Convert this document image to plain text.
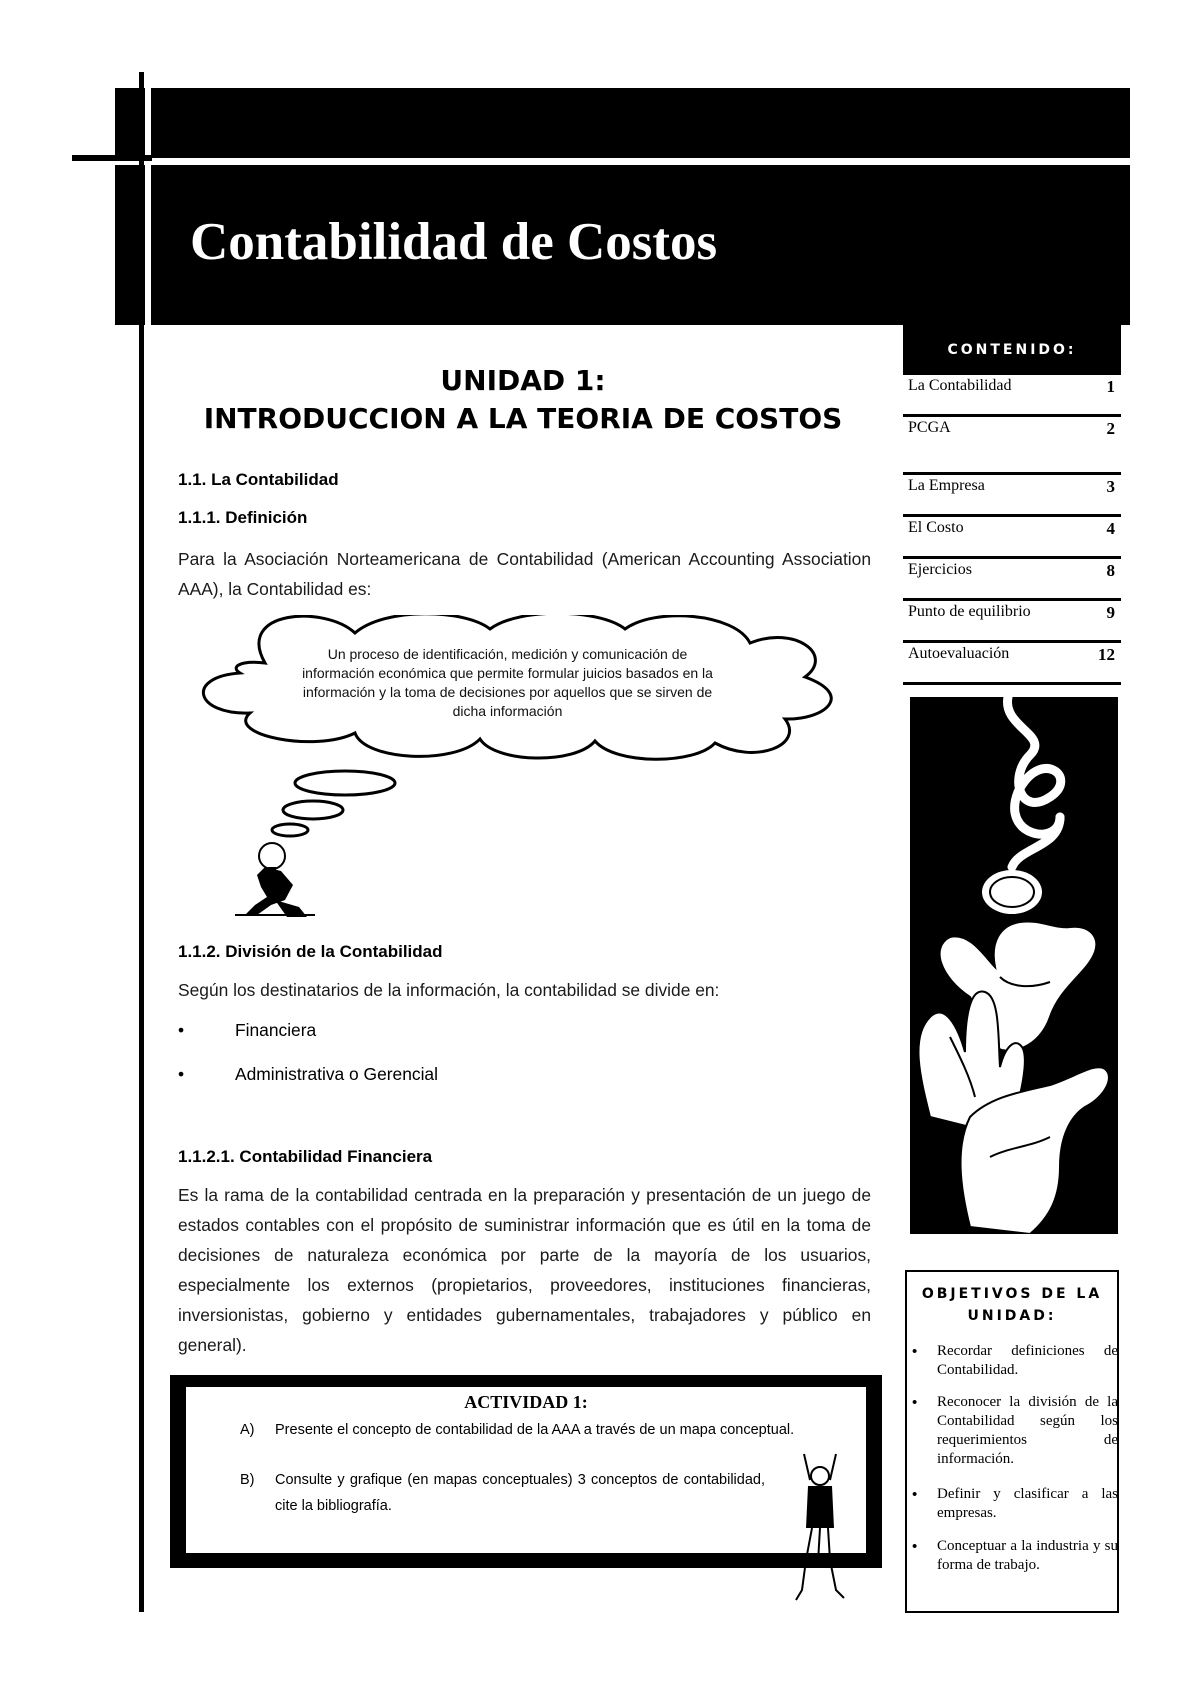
Contabilidad de Costos
UNIDAD 1:
INTRODUCCION A LA TEORIA DE COSTOS

1.1. La Contabilidad

1.1.1. Definición

Para la Asociación Norteamericana de Contabilidad (American Accounting Association AAA), la Contabilidad es:

Un proceso de identificación, medición y comunicación de información económica que permite formular juicios basados en la información y la toma de decisiones por aquellos que se sirven de dicha información

1.1.2. División de la Contabilidad

Según los destinatarios de la información, la contabilidad se divide en:

•	Financiera

•	Administrativa o Gerencial

1.1.2.1. Contabilidad Financiera

Es la rama de la contabilidad centrada en la preparación y presentación de un juego de estados contables con el propósito de suministrar información que es útil en la toma de decisiones de naturaleza económica por parte de la mayoría de los usuarios, especialmente los externos (propietarios, proveedores, instituciones financieras, inversionistas, gobierno y entidades gubernamentales, trabajadores y público en general).

ACTIVIDAD 1:

A) Presente el concepto de contabilidad de la AAA a través de un mapa conceptual.
B) Consulte y grafique (en mapas conceptuales) 3 conceptos de contabilidad, cite la bibliografía.

CONTENIDO:

La Contabilidad	1
PCGA	2
La Empresa	3
El Costo	4
Ejercicios	8
Punto de equilibrio	9
Autoevaluación	12

OBJETIVOS DE LA UNIDAD:

• Recordar definiciones de Contabilidad.

• Reconocer la división de la Contabilidad según los requerimientos de información.

• Definir y clasificar a las empresas.

• Conceptuar a la industria y su forma de trabajo.
